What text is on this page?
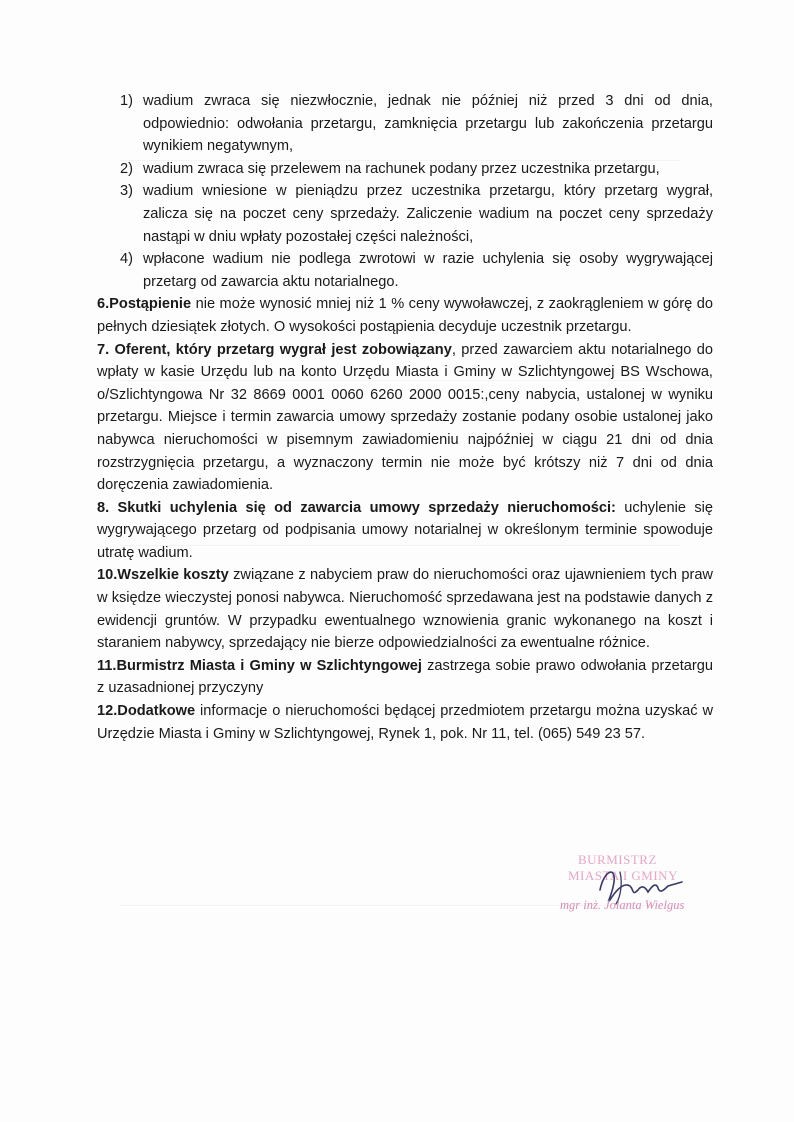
1) wadium zwraca się niezwłocznie, jednak nie później niż przed 3 dni od dnia, odpowiednio: odwołania przetargu, zamknięcia przetargu lub zakończenia przetargu wynikiem negatywnym,
2) wadium zwraca się przelewem na rachunek podany przez uczestnika przetargu,
3) wadium wniesione w pieniądzu przez uczestnika przetargu, który przetarg wygrał, zalicza się na poczet ceny sprzedaży. Zaliczenie wadium na poczet ceny sprzedaży nastąpi w dniu wpłaty pozostałej części należności,
4) wpłacone wadium nie podlega zwrotowi w razie uchylenia się osoby wygrywającej przetarg od zawarcia aktu notarialnego.

6.Postąpienie nie może wynosić mniej niż 1 % ceny wywoławczej, z zaokrągleniem w górę do pełnych dziesiątek złotych. O wysokości postąpienia decyduje uczestnik przetargu.

7. Oferent, który przetarg wygrał jest zobowiązany, przed zawarciem aktu notarialnego do wpłaty w kasie Urzędu lub na konto Urzędu Miasta i Gminy w Szlichtyngowej BS Wschowa, o/Szlichtyngowa Nr 32 8669 0001 0060 6260 2000 0015:,ceny nabycia, ustalonej w wyniku przetargu. Miejsce i termin zawarcia umowy sprzedaży zostanie podany osobie ustalonej jako nabywca nieruchomości w pisemnym zawiadomieniu najpóźniej w ciągu 21 dni od dnia rozstrzygnięcia przetargu, a wyznaczony termin nie może być krótszy niż 7 dni od dnia doręczenia zawiadomienia.

8. Skutki uchylenia się od zawarcia umowy sprzedaży nieruchomości: uchylenie się wygrywającego przetarg od podpisania umowy notarialnej w określonym terminie spowoduje utratę wadium.

10.Wszelkie koszty związane z nabyciem praw do nieruchomości oraz ujawnieniem tych praw w księdze wieczystej ponosi nabywca. Nieruchomość sprzedawana jest na podstawie danych z ewidencji gruntów. W przypadku ewentualnego wznowienia granic wykonanego na koszt i staraniem nabywcy, sprzedający nie bierze odpowiedzialności za ewentualne różnice.

11.Burmistrz Miasta i Gminy w Szlichtyngowej zastrzega sobie prawo odwołania przetargu z uzasadnionej przyczyny

12.Dodatkowe informacje o nieruchomości będącej przedmiotem przetargu można uzyskać w Urzędzie Miasta i Gminy w Szlichtyngowej, Rynek 1, pok. Nr 11, tel. (065) 549 23 57.

BURMISTRZ
MIASTA I GMINY
mgr inż. Jolanta Wielgus
